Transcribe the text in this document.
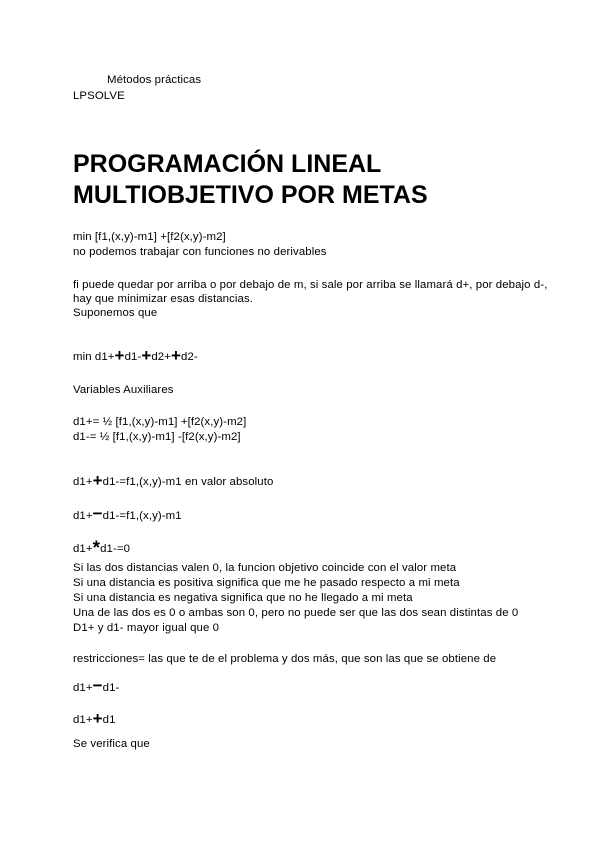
Métodos prácticas
LPSOLVE
PROGRAMACIÓN LINEAL
MULTIOBJETIVO POR METAS
min [f1,(x,y)-m1] +[f2(x,y)-m2]
no podemos trabajar con funciones no derivables
fi puede quedar por arriba o por debajo de m, si sale por arriba se llamará d+, por debajo d-,
hay que minimizar esas distancias.
Suponemos que
min d1++d1-+d2++d2-
Variables Auxiliares
d1+= ½ [f1,(x,y)-m1] +[f2(x,y)-m2]
d1-= ½ [f1,(x,y)-m1] -[f2(x,y)-m2]
d1++d1-=f1,(x,y)-m1 en valor absoluto
d1+−d1-=f1,(x,y)-m1
d1+*d1-=0
Si las dos distancias valen 0, la funcion objetivo coincide con el valor meta
Si una distancia es positiva significa que me he pasado respecto a mi meta
Si una distancia es negativa significa que no he llegado a mi meta
Una de las dos es 0 o ambas son 0, pero no puede ser que las dos sean distintas de 0
D1+ y d1- mayor igual que 0
restricciones= las que te de el problema y dos más, que son las que se obtiene de
d1+−d1-
d1++d1
Se verifica que
